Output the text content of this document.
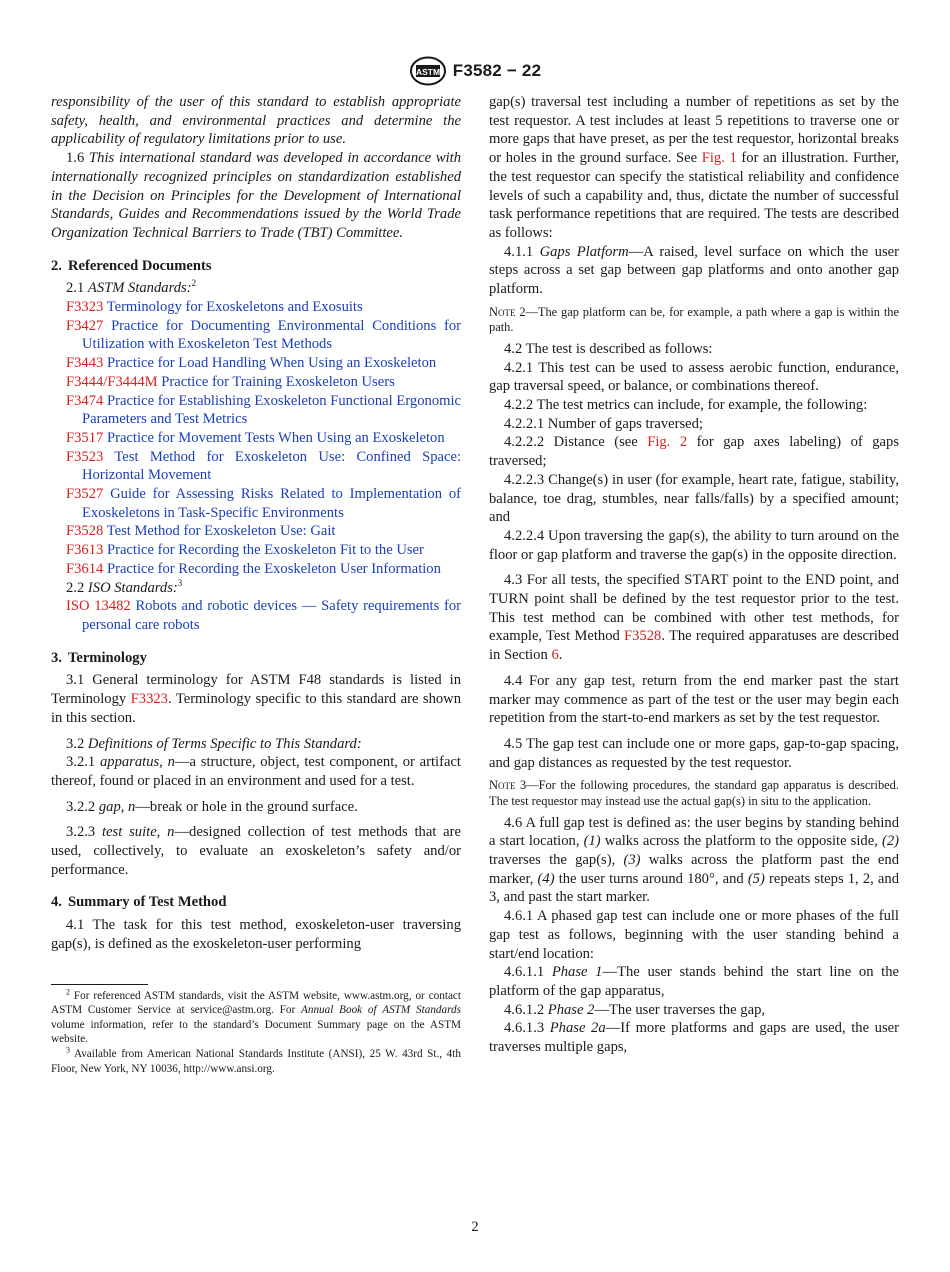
ASTM F3582 − 22

responsibility of the user of this standard to establish appropriate safety, health, and environmental practices and determine the applicability of regulatory limitations prior to use.

1.6 This international standard was developed in accordance with internationally recognized principles on standardization established in the Decision on Principles for the Development of International Standards, Guides and Recommendations issued by the World Trade Organization Technical Barriers to Trade (TBT) Committee.

2. Referenced Documents

2.1 ASTM Standards:$^2$

F3323 Terminology for Exoskeletons and Exosuits

F3427 Practice for Documenting Environmental Conditions for Utilization with Exoskeleton Test Methods

F3443 Practice for Load Handling When Using an Exoskeleton

F3444/F3444M Practice for Training Exoskeleton Users

F3474 Practice for Establishing Exoskeleton Functional Ergonomic Parameters and Test Metrics

F3517 Practice for Movement Tests When Using an Exoskeleton

F3523 Test Method for Exoskeleton Use: Confined Space: Horizontal Movement

F3527 Guide for Assessing Risks Related to Implementation of Exoskeletons in Task-Specific Environments

F3528 Test Method for Exoskeleton Use: Gait

F3613 Practice for Recording the Exoskeleton Fit to the User

F3614 Practice for Recording the Exoskeleton User Information

2.2 ISO Standards:$^3$

ISO 13482 Robots and robotic devices — Safety requirements for personal care robots

3. Terminology

3.1 General terminology for ASTM F48 standards is listed in Terminology F3323. Terminology specific to this standard are shown in this section.

3.2 Definitions of Terms Specific to This Standard:

3.2.1 apparatus, n—a structure, object, test component, or artifact thereof, found or placed in an environment and used for a test.

3.2.2 gap, n—break or hole in the ground surface.

3.2.3 test suite, n—designed collection of test methods that are used, collectively, to evaluate an exoskeleton’s safety and/or performance.

4. Summary of Test Method

4.1 The task for this test method, exoskeleton-user traversing gap(s), is defined as the exoskeleton-user performing

$^2$ For referenced ASTM standards, visit the ASTM website, www.astm.org, or contact ASTM Customer Service at service@astm.org. For Annual Book of ASTM Standards volume information, refer to the standard’s Document Summary page on the ASTM website.

$^3$ Available from American National Standards Institute (ANSI), 25 W. 43rd St., 4th Floor, New York, NY 10036, http://www.ansi.org.

gap(s) traversal test including a number of repetitions as set by the test requestor. A test includes at least 5 repetitions to traverse one or more gaps that have preset, as per the test requestor, horizontal breaks or holes in the ground surface. See Fig. 1 for an illustration. Further, the test requestor can specify the statistical reliability and confidence levels of such a capability and, thus, dictate the number of successful task performance repetitions that are required. The tests are described as follows:

4.1.1 Gaps Platform—A raised, level surface on which the user steps across a set gap between gap platforms and onto another gap platform.

Note 2—The gap platform can be, for example, a path where a gap is within the path.

4.2 The test is described as follows:

4.2.1 This test can be used to assess aerobic function, endurance, gap traversal speed, or balance, or combinations thereof.

4.2.2 The test metrics can include, for example, the following:

4.2.2.1 Number of gaps traversed;

4.2.2.2 Distance (see Fig. 2 for gap axes labeling) of gaps traversed;

4.2.2.3 Change(s) in user (for example, heart rate, fatigue, stability, balance, toe drag, stumbles, near falls/falls) by a specified amount; and

4.2.2.4 Upon traversing the gap(s), the ability to turn around on the floor or gap platform and traverse the gap(s) in the opposite direction.

4.3 For all tests, the specified START point to the END point, and TURN point shall be defined by the test requestor prior to the test. This test method can be combined with other test methods, for example, Test Method F3528. The required apparatuses are described in Section 6.

4.4 For any gap test, return from the end marker past the start marker may commence as part of the test or the user may begin each repetition from the start-to-end markers as set by the test requestor.

4.5 The gap test can include one or more gaps, gap-to-gap spacing, and gap distances as requested by the test requestor.

Note 3—For the following procedures, the standard gap apparatus is described. The test requestor may instead use the actual gap(s) in situ to the application.

4.6 A full gap test is defined as: the user begins by standing behind a start location, (1) walks across the platform to the opposite side, (2) traverses the gap(s), (3) walks across the platform past the end marker, (4) the user turns around 180°, and (5) repeats steps 1, 2, and 3, and past the start marker.

4.6.1 A phased gap test can include one or more phases of the full gap test as follows, beginning with the user standing behind a start/end location:

4.6.1.1 Phase 1—The user stands behind the start line on the platform of the gap apparatus,

4.6.1.2 Phase 2—The user traverses the gap,

4.6.1.3 Phase 2a—If more platforms and gaps are used, the user traverses multiple gaps,

2
